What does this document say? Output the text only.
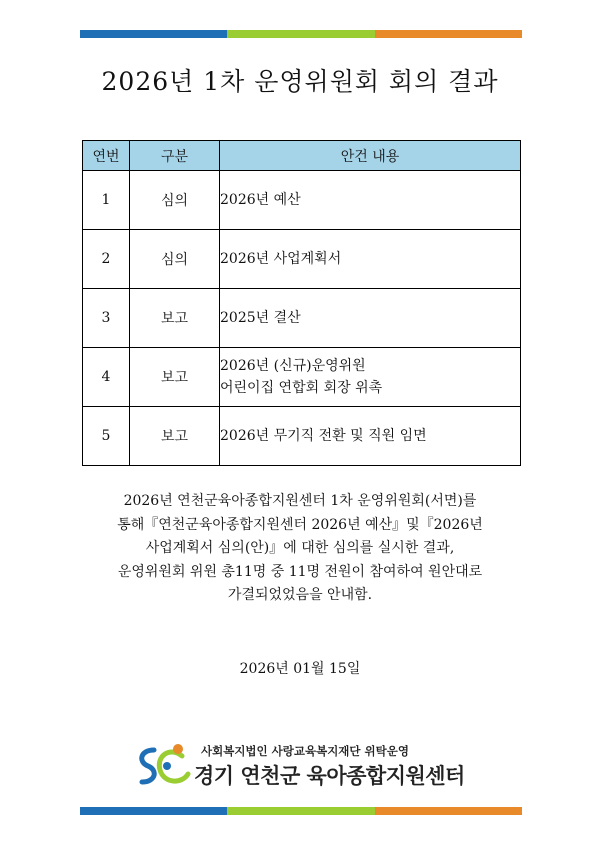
2026년 1차 운영위원회 회의 결과
연번	구분	안건 내용
1	심의	2026년 예산

2	심의	2026년 사업계획서

3	보고	2025년 결산

4	보고	2026년 (신규)운영위원
어린이집 연합회 회장 위촉

5	보고	2026년 무기직 전환 및 직원 임면
2026년 연천군육아종합지원센터 1차 운영위원회(서면)를
통해『연천군육아종합지원센터 2026년 예산』및『2026년
사업계획서 심의(안)』에 대한 심의를 실시한 결과,
운영위원회 위원 총11명 중 11명 전원이 참여하여 원안대로
가결되었었음을 안내함.
2026년 01월 15일
사회복지법인 사랑교육복지재단 위탁운영
경기 연천군 육아종합지원센터
